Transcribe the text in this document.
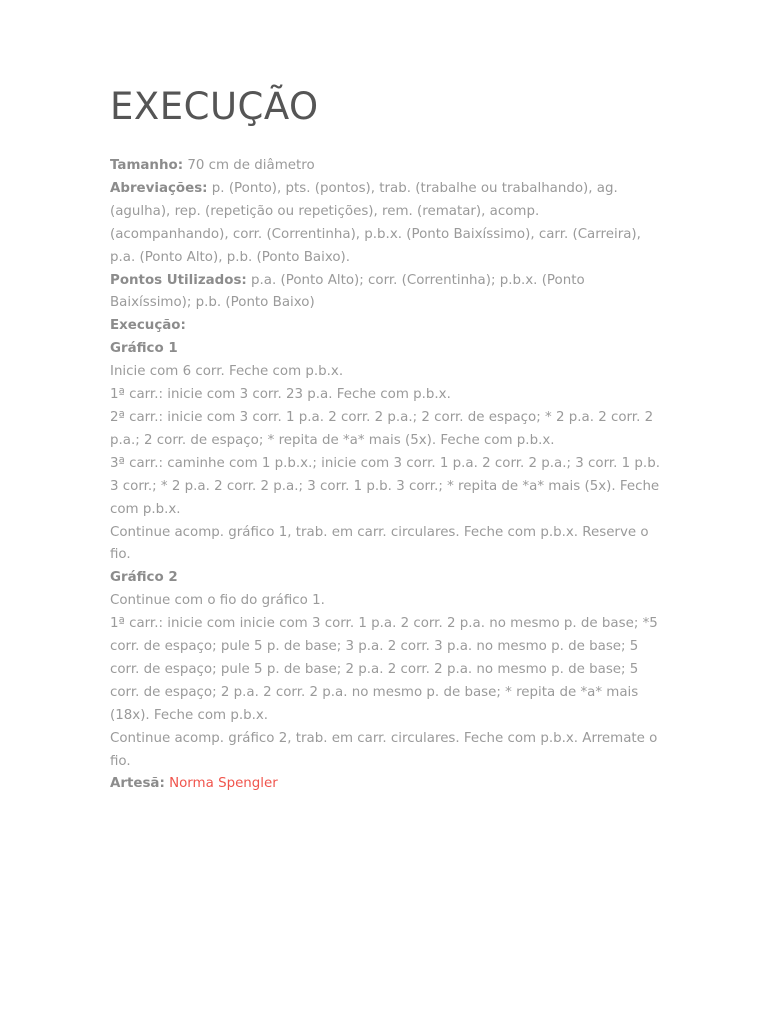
EXECUÇÃO

Tamanho: 70 cm de diâmetro

Abreviações: p. (Ponto), pts. (pontos), trab. (trabalhe ou trabalhando), ag. (agulha), rep. (repetição ou repetições), rem. (rematar), acomp. (acompanhando), corr. (Correntinha), p.b.x. (Ponto Baixíssimo), carr. (Carreira), p.a. (Ponto Alto), p.b. (Ponto Baixo).

Pontos Utilizados: p.a. (Ponto Alto); corr. (Correntinha); p.b.x. (Ponto Baixíssimo); p.b. (Ponto Baixo)

Execução:

Gráfico 1

Inicie com 6 corr. Feche com p.b.x.

1ª carr.: inicie com 3 corr. 23 p.a. Feche com p.b.x.

2ª carr.: inicie com 3 corr. 1 p.a. 2 corr. 2 p.a.; 2 corr. de espaço; * 2 p.a. 2 corr. 2 p.a.; 2 corr. de espaço; * repita de *a* mais (5x). Feche com p.b.x.

3ª carr.: caminhe com 1 p.b.x.; inicie com 3 corr. 1 p.a. 2 corr. 2 p.a.; 3 corr. 1 p.b. 3 corr.; * 2 p.a. 2 corr. 2 p.a.; 3 corr. 1 p.b. 3 corr.; * repita de *a* mais (5x). Feche com p.b.x.

Continue acomp. gráfico 1, trab. em carr. circulares. Feche com p.b.x. Reserve o fio.

Gráfico 2

Continue com o fio do gráfico 1.

1ª carr.: inicie com inicie com 3 corr. 1 p.a. 2 corr. 2 p.a. no mesmo p. de base; *5 corr. de espaço; pule 5 p. de base; 3 p.a. 2 corr. 3 p.a. no mesmo p. de base; 5 corr. de espaço; pule 5 p. de base; 2 p.a. 2 corr. 2 p.a. no mesmo p. de base; 5 corr. de espaço; 2 p.a. 2 corr. 2 p.a. no mesmo p. de base; * repita de *a* mais (18x). Feche com p.b.x.

Continue acomp. gráfico 2, trab. em carr. circulares. Feche com p.b.x. Arremate o fio.

Artesã: Norma Spengler
